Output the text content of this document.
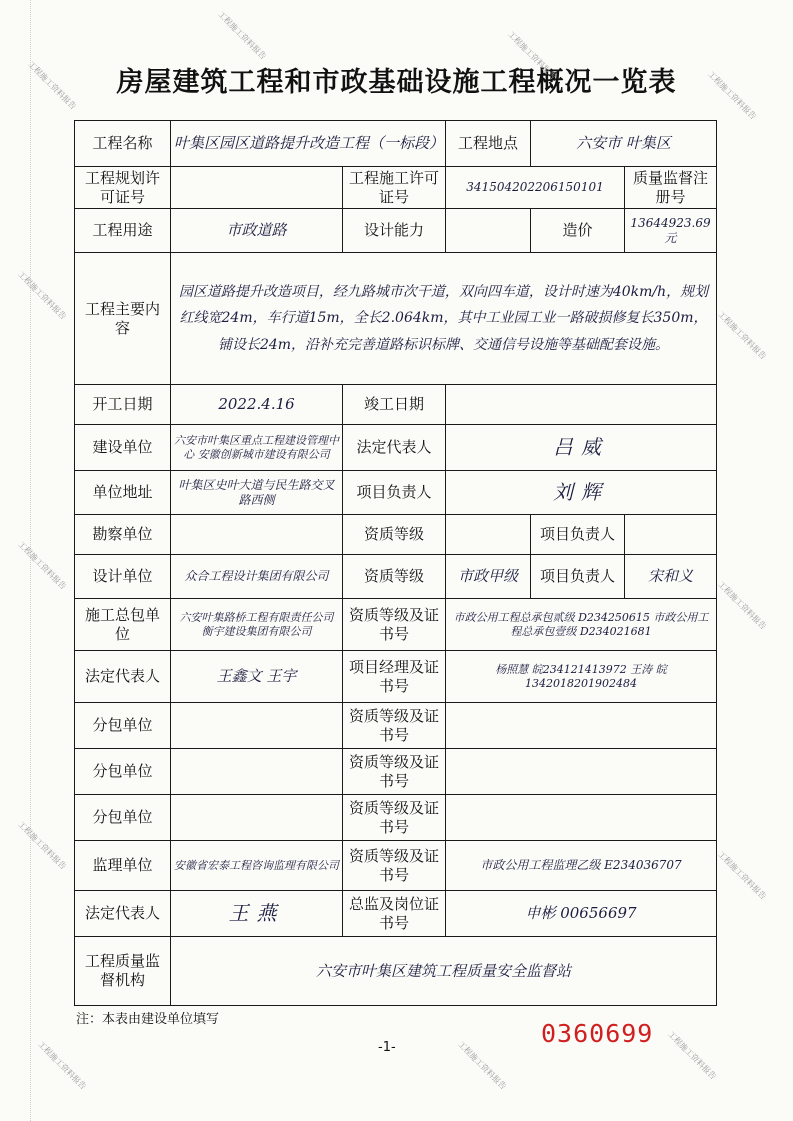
房屋建筑工程和市政基础设施工程概况一览表
工程名称	叶集区园区道路提升改造工程（一标段）		工程地点	六安市 叶集区	
工程规划许可证号		工程施工许可证号	341504202206150101		质量监督注册号
工程用途	市政道路	设计能力		造价	13644923.69元
工程主要内容	园区道路提升改造项目，经九路城市次干道，双向四车道，设计时速为40km/h，规划红线宽24m，车行道15m，全长2.064km，其中工业园工业一路破损修复长350m，铺设长24m，沿补充完善道路标识标牌、交通信号设施等基础配套设施。				
开工日期	2022.4.16	竣工日期			
建设单位	六安市叶集区重点工程建设管理中心 安徽创新城市建设有限公司	法定代表人	吕威		
单位地址	叶集区史叶大道与民生路交叉路西侧	项目负责人	刘辉		
勘察单位		资质等级		项目负责人	
设计单位	众合工程设计集团有限公司	资质等级	市政甲级	项目负责人	宋和义
施工总包单位	六安叶集路桥工程有限责任公司 衡宇建设集团有限公司	资质等级及证书号	市政公用工程总承包贰级 D234250615 市政公用工程总承包壹级 D234021681		
法定代表人	王鑫文 王宇	项目经理及证书号	杨照慧 皖234121413972 王涛 皖1342018201902484		
分包单位		资质等级及证书号			
分包单位		资质等级及证书号			
分包单位		资质等级及证书号			
监理单位	安徽省宏泰工程咨询监理有限公司	资质等级及证书号	市政公用工程监理乙级 E234036707		
法定代表人	王燕	总监及岗位证书号	申彬 00656697		
工程质量监督机构	六安市叶集区建筑工程质量安全监督站				
注：本表由建设单位填写
-1-	0360699
工程施工资料报告
工程施工资料报告	工程施工资料报告
工程施工资料报告
工程施工资料报告
工程施工资料报告
工程施工资料报告
工程施工资料报告
工程施工资料报告
工程施工资料报告
工程施工资料报告	工程施工资料报告	工程施工资料报告
